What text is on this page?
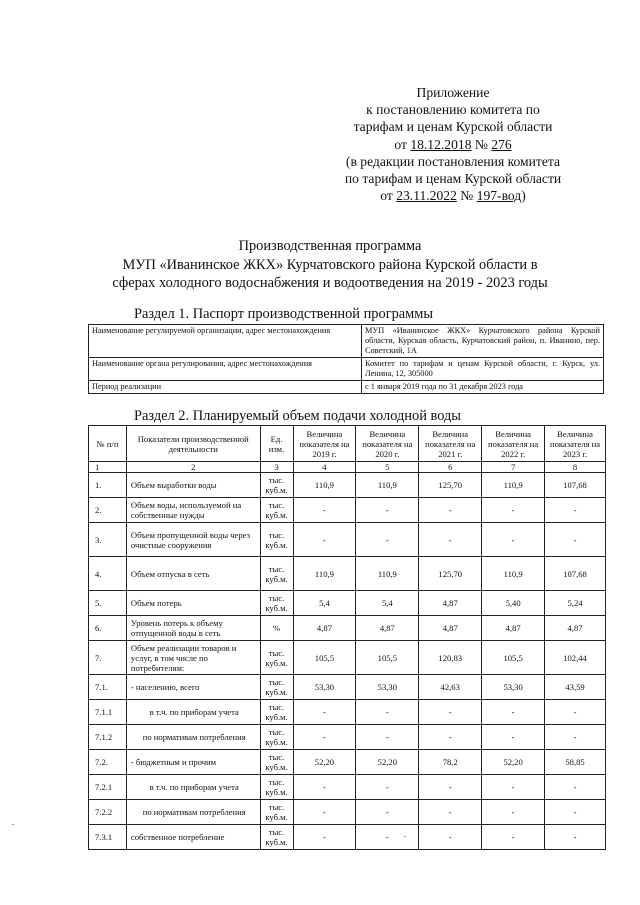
Приложение
к постановлению комитета по
тарифам и ценам Курской области
от 18.12.2018 № 276
(в редакции постановления комитета
по тарифам и ценам Курской области
от 23.11.2022 № 197-вод)
Производственная программа
МУП «Иванинское ЖКХ» Курчатовского района Курской области в
сферах холодного водоснабжения и водоотведения на 2019 - 2023 годы
Раздел 1. Паспорт производственной программы
Наименование регулируемой организации, адрес местонахождения	МУП «Иванинское ЖКХ» Курчатовского района Курской области, Курская область, Курчатовский район, п. Иванино, пер. Советский, 1А
Наименование органа регулирования, адрес местонахождения	Комитет по тарифам и ценам Курской области, г. Курск, ул. Ленина, 12, 305000
Период реализации	с 1 января 2019 года по 31 декабря 2023 года
Раздел 2. Планируемый объем подачи холодной воды
№ п/п	Показатели производственной деятельности	Ед. изм.	Величина показателя на 2019 г.	Величина показателя на 2020 г.	Величина показателя на 2021 г.	Величина показателя на 2022 г.	Величина показателя на 2023 г.
1	2	3	4	5	6	7	8
1.	Объем выработки воды	тыс. куб.м.	110,9	110,9	125,70	110,9	107,68
2.	Объем воды, используемой на собственные нужды	тыс. куб.м.	-	-	-	-	-
3.	Объем пропущенной воды через очистные сооружения	тыс. куб.м.	-	-	-	-	-
4.	Объем отпуска в сеть	тыс. куб.м.	110,9	110,9	125,70	110,9	107,68
5.	Объем потерь	тыс. куб.м.	5,4	5,4	4,87	5,40	5,24
6.	Уровень потерь к объему отпущенной воды в сеть	%	4,87	4,87	4,87	4,87	4,87
7.	Объем реализации товаров и услуг, в том числе по потребителям:	тыс. куб.м.	105,5	105,5	120,83	105,5	102,44
7.1.	- населению, всего	тыс. куб.м.	53,30	53,30	42,63	53,30	43,59
7.1.1	в т.ч. по приборам учета	тыс. куб.м.	-	-	-	-	-
7.1.2	по нормативам потребления	тыс. куб.м.	-	-	-	-	-
7.2.	- бюджетным и прочим	тыс. куб.м.	52,20	52,20	78,2	52,20	58,85
7.2.1	в т.ч. по приборам учета	тыс. куб.м.	-	-	-	-	-
7.2.2	по нормативам потребления	тыс. куб.м.	-	-	-	-	-
7.3.1	собственное потребление	тыс. куб.м.	-	-	-	-	-
